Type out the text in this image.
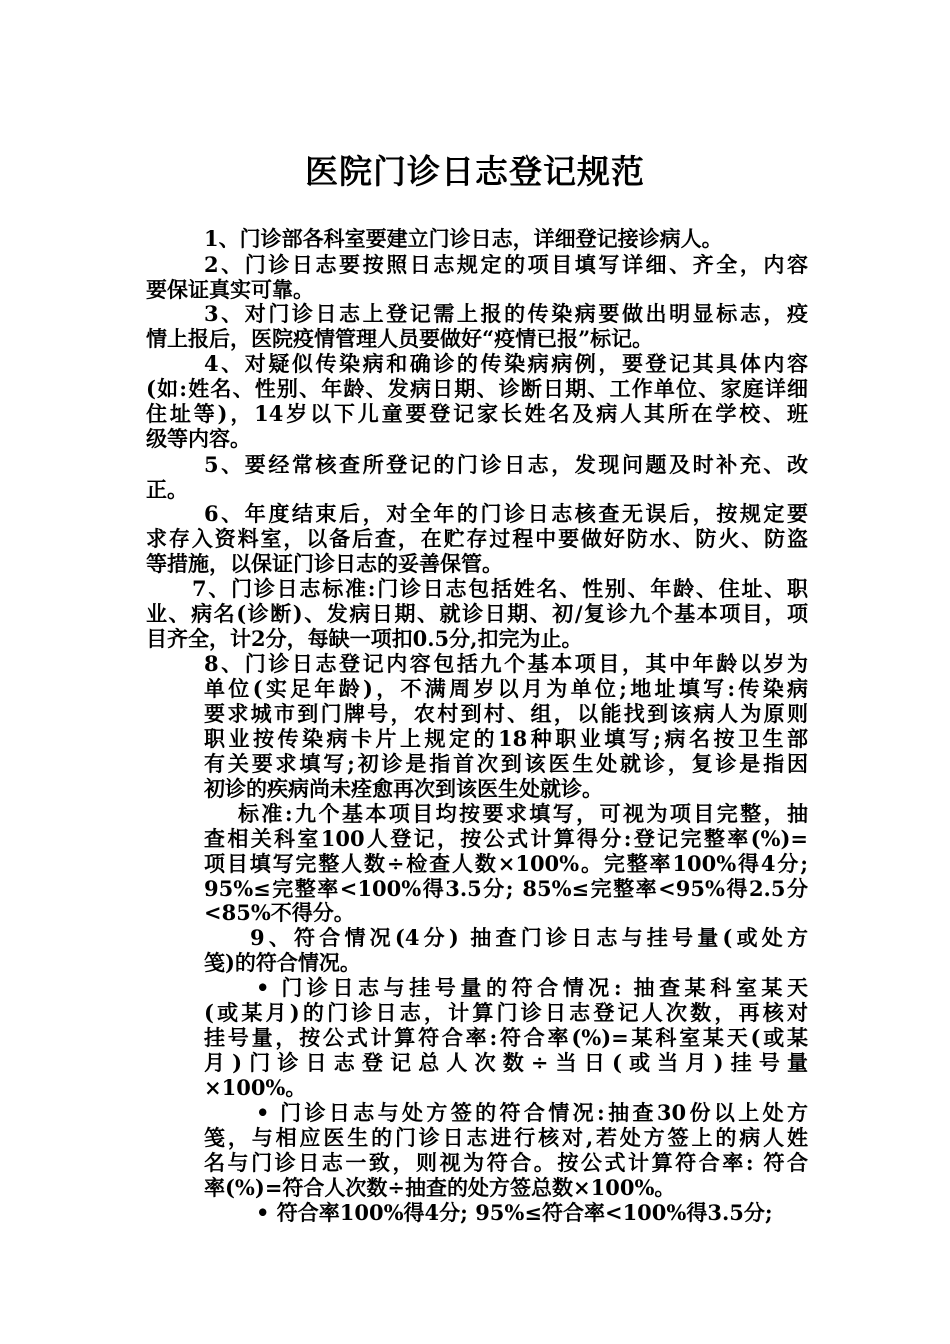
医院门诊日志登记规范
1、门诊部各科室要建立门诊日志，详细登记接诊病人。
2、门诊日志要按照日志规定的项目填写详细、齐全，内容
要保证真实可靠。
3、对门诊日志上登记需上报的传染病要做出明显标志，疫
情上报后，医院疫情管理人员要做好“疫情已报”标记。
4、对疑似传染病和确诊的传染病病例，要登记其具体内容
(如:姓名、性别、年龄、发病日期、诊断日期、工作单位、家庭详细
住址等)，14岁以下儿童要登记家长姓名及病人其所在学校、班
级等内容。
5、要经常核查所登记的门诊日志，发现问题及时补充、改
正。
6、年度结束后，对全年的门诊日志核查无误后，按规定要
求存入资料室，以备后查，在贮存过程中要做好防水、防火、防盗
等措施，以保证门诊日志的妥善保管。
7、门诊日志标准:门诊日志包括姓名、性别、年龄、住址、职
业、病名(诊断)、发病日期、就诊日期、初/复诊九个基本项目，项
目齐全，计2分，每缺一项扣0.5分,扣完为止。
8、门诊日志登记内容包括九个基本项目，其中年龄以岁为
单位(实足年龄)，不满周岁以月为单位;地址填写:传染病
要求城市到门牌号，农村到村、组，以能找到该病人为原则
职业按传染病卡片上规定的18种职业填写;病名按卫生部
有关要求填写;初诊是指首次到该医生处就诊，复诊是指因
初诊的疾病尚未痊愈再次到该医生处就诊。
标准:九个基本项目均按要求填写，可视为项目完整，抽
查相关科室100人登记，按公式计算得分:登记完整率(%)=
项目填写完整人数÷检查人数×100%。完整率100%得4分;
95%≤完整率<100%得3.5分; 85%≤完整率<95%得2.5分
<85%不得分。
9、符合情况(4分) 抽查门诊日志与挂号量(或处方
笺)的符合情况。
• 门诊日志与挂号量的符合情况: 抽查某科室某天
(或某月)的门诊日志，计算门诊日志登记人次数，再核对
挂号量，按公式计算符合率:符合率(%)=某科室某天(或某
月)门诊日志登记总人次数÷当日(或当月)挂号量
×100%。
• 门诊日志与处方签的符合情况:抽查30份以上处方
笺，与相应医生的门诊日志进行核对,若处方签上的病人姓
名与门诊日志一致，则视为符合。按公式计算符合率: 符合
率(%)=符合人次数÷抽查的处方签总数×100%。
• 符合率100%得4分; 95%≤符合率<100%得3.5分;
